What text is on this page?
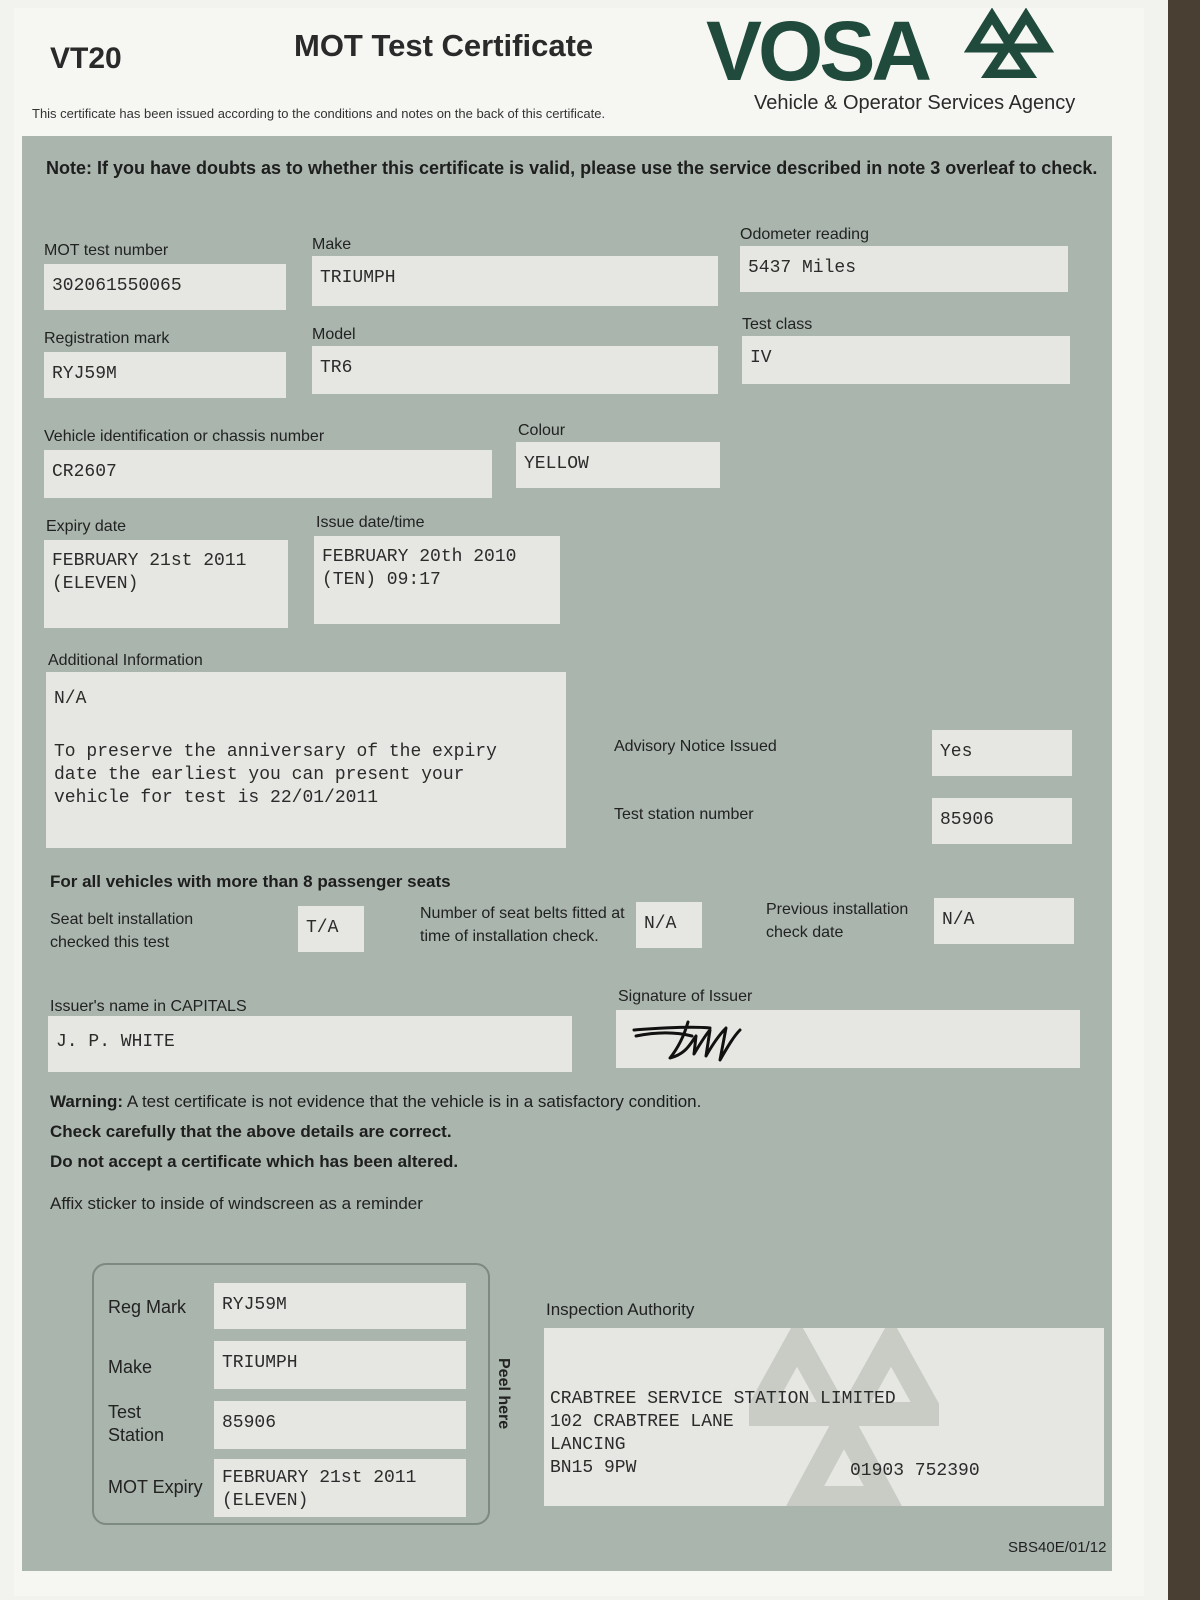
VT20	MOT Test Certificate
This certificate has been issued according to the conditions and notes on the back of this certificate.
VOSA
Vehicle & Operator Services Agency
Note: If you have doubts as to whether this certificate is valid, please use the service described in note 3 overleaf to check.
MOT test number
302061550065
Make
TRIUMPH
Odometer reading
5437 Miles
Registration mark
RYJ59M
Model
TR6
Test class
IV
Vehicle identification or chassis number
CR2607
Colour
YELLOW
Expiry date
FEBRUARY 21st 2011
(ELEVEN)
Issue date/time
FEBRUARY 20th 2010
(TEN) 09:17
Additional Information
N/A
To preserve the anniversary of the expiry
date the earliest you can present your
vehicle for test is 22/01/2011
Advisory Notice Issued	Yes
Test station number	85906
For all vehicles with more than 8 passenger seats
Seat belt installation
checked this test
T/A
Number of seat belts fitted at
time of installation check.
N/A
Previous installation
check date
N/A
Issuer's name in CAPITALS
J. P. WHITE
Signature of Issuer
Warning: A test certificate is not evidence that the vehicle is in a satisfactory condition.
Check carefully that the above details are correct.
Do not accept a certificate which has been altered.
Affix sticker to inside of windscreen as a reminder
Reg Mark	RYJ59M
Make	TRIUMPH
Test
Station
85906
MOT Expiry FEBRUARY 21st 2011
(ELEVEN)
Peel here
Inspection Authority
CRABTREE SERVICE STATION LIMITED
102 CRABTREE LANE
LANCING
BN15 9PW	01903 752390
SBS40E/01/12
